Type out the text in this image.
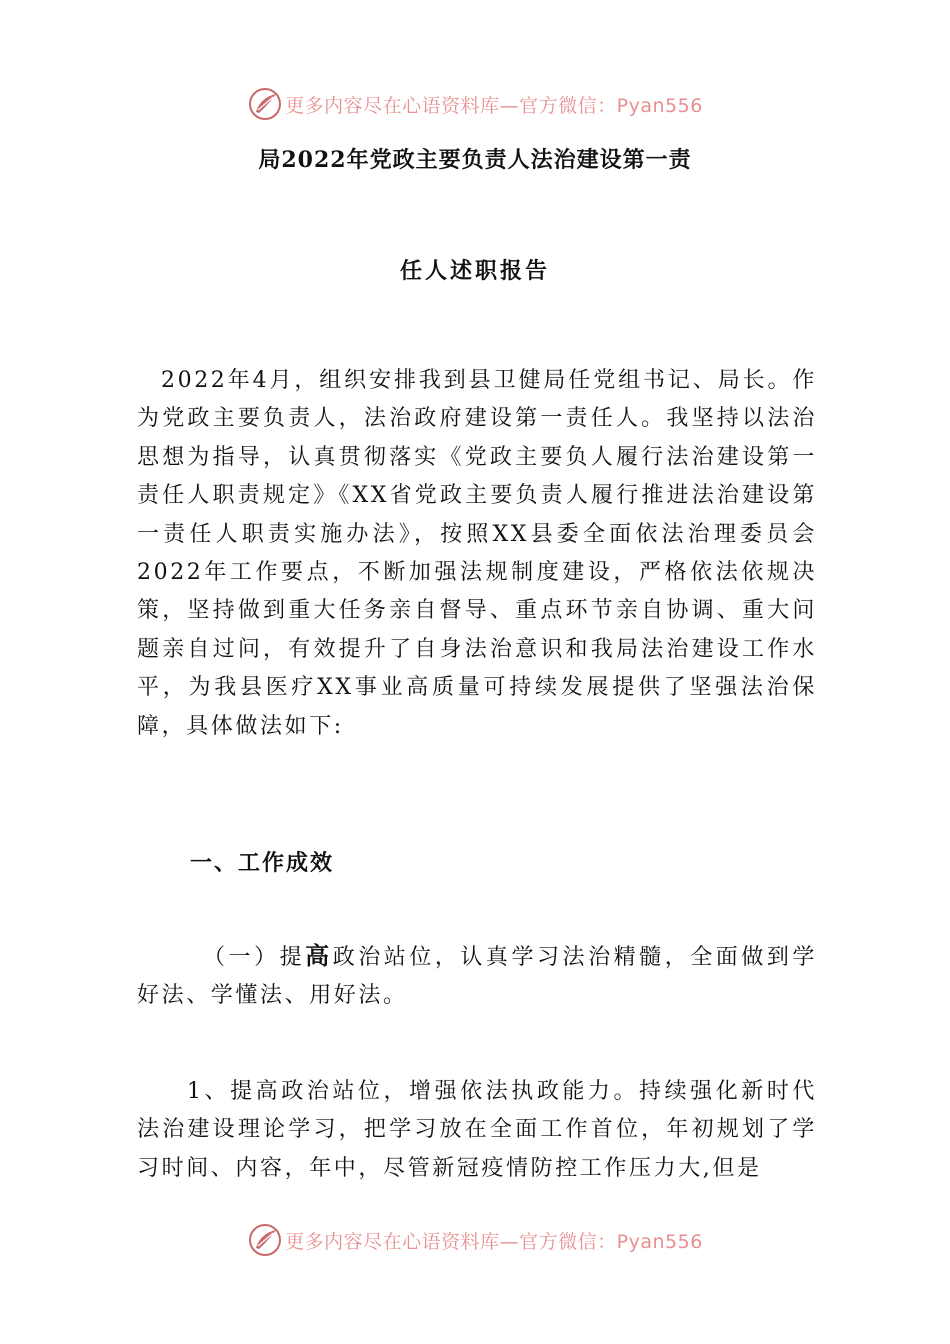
更多内容尽在心语资料库—官方微信：Pyan556
局2022年党政主要负责人法治建设第一责
任人述职报告

2022年4月，组织安排我到县卫健局任党组书记、局长。作为党政主要负责人，法治政府建设第一责任人。我坚持以法治思想为指导，认真贯彻落实《党政主要负人履行法治建设第一责任人职责规定》《XX省党政主要负责人履行推进法治建设第一责任人职责实施办法》，按照XX县委全面依法治理委员会2022年工作要点，不断加强法规制度建设，严格依法依规决策，坚持做到重大任务亲自督导、重点环节亲自协调、重大问题亲自过问，有效提升了自身法治意识和我局法治建设工作水平，为我县医疗XX事业高质量可持续发展提供了坚强法治保障，具体做法如下:

一、工作成效

（一）提高政治站位，认真学习法治精髓，全面做到学好法、学懂法、用好法。

1、提高政治站位，增强依法执政能力。持续强化新时代法治建设理论学习，把学习放在全面工作首位，年初规划了学习时间、内容，年中，尽管新冠疫情防控工作压力大,但是

更多内容尽在心语资料库—官方微信：Pyan556
